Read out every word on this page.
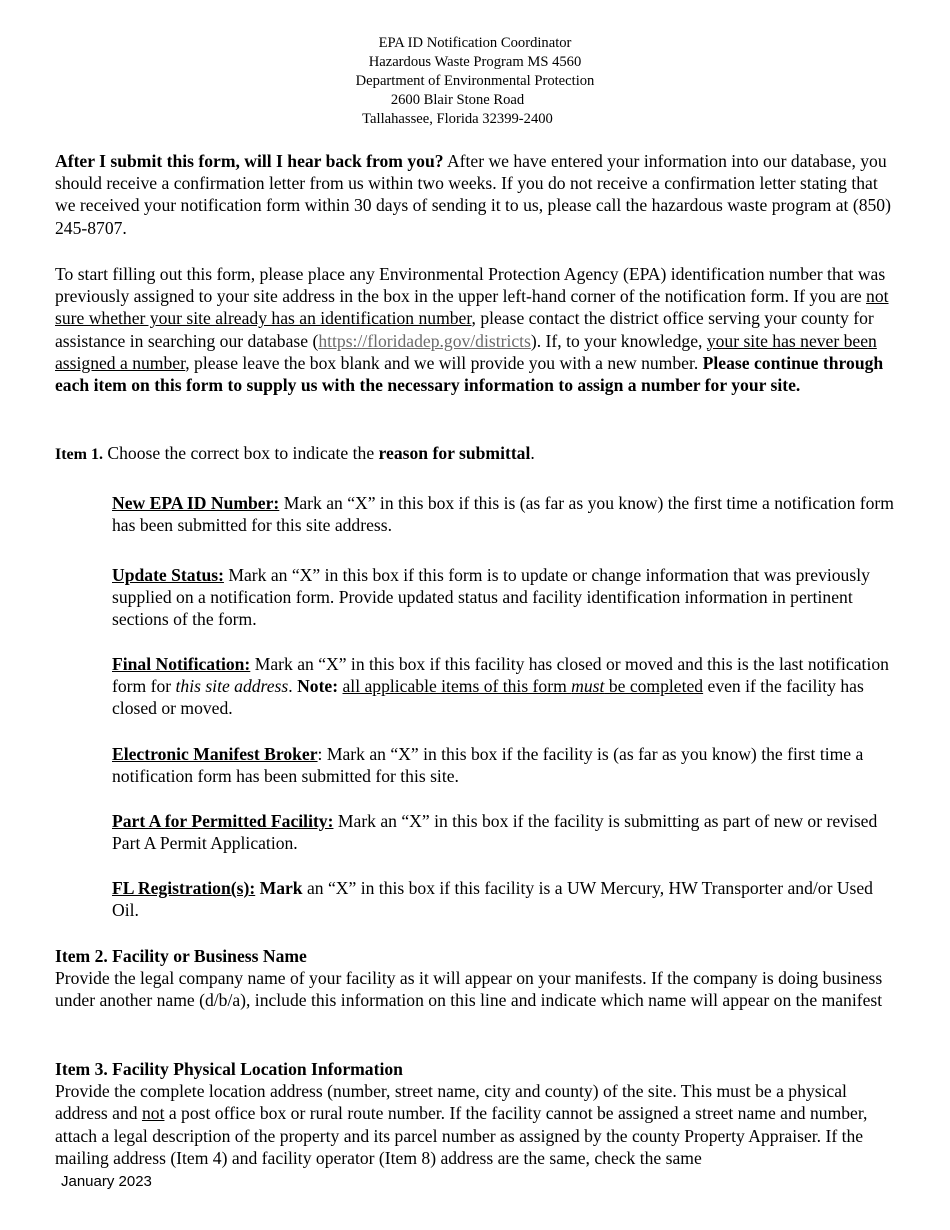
EPA ID Notification Coordinator
Hazardous Waste Program MS 4560
Department of Environmental Protection
2600 Blair Stone Road
Tallahassee, Florida 32399-2400
After I submit this form, will I hear back from you? After we have entered your information into our database, you should receive a confirmation letter from us within two weeks. If you do not receive a confirmation letter stating that we received your notification form within 30 days of sending it to us, please call the hazardous waste program at (850) 245-8707.
To start filling out this form, please place any Environmental Protection Agency (EPA) identification number that was previously assigned to your site address in the box in the upper left-hand corner of the notification form. If you are not sure whether your site already has an identification number, please contact the district office serving your county for assistance in searching our database (https://floridadep.gov/districts). If, to your knowledge, your site has never been assigned a number, please leave the box blank and we will provide you with a new number. Please continue through each item on this form to supply us with the necessary information to assign a number for your site.
Item 1. Choose the correct box to indicate the reason for submittal.
New EPA ID Number: Mark an “X” in this box if this is (as far as you know) the first time a notification form has been submitted for this site address.
Update Status: Mark an “X” in this box if this form is to update or change information that was previously supplied on a notification form. Provide updated status and facility identification information in pertinent sections of the form.
Final Notification: Mark an “X” in this box if this facility has closed or moved and this is the last notification form for this site address. Note: all applicable items of this form must be completed even if the facility has closed or moved.
Electronic Manifest Broker: Mark an “X” in this box if the facility is (as far as you know) the first time a notification form has been submitted for this site.
Part A for Permitted Facility: Mark an “X” in this box if the facility is submitting as part of new or revised Part A Permit Application.
FL Registration(s): Mark an “X” in this box if this facility is a UW Mercury, HW Transporter and/or Used Oil.
Item 2. Facility or Business Name
Provide the legal company name of your facility as it will appear on your manifests. If the company is doing business under another name (d/b/a), include this information on this line and indicate which name will appear on the manifest
Item 3. Facility Physical Location Information
Provide the complete location address (number, street name, city and county) of the site. This must be a physical address and not a post office box or rural route number. If the facility cannot be assigned a street name and number, attach a legal description of the property and its parcel number as assigned by the county Property Appraiser. If the mailing address (Item 4) and facility operator (Item 8) address are the same, check the same
January 2023
